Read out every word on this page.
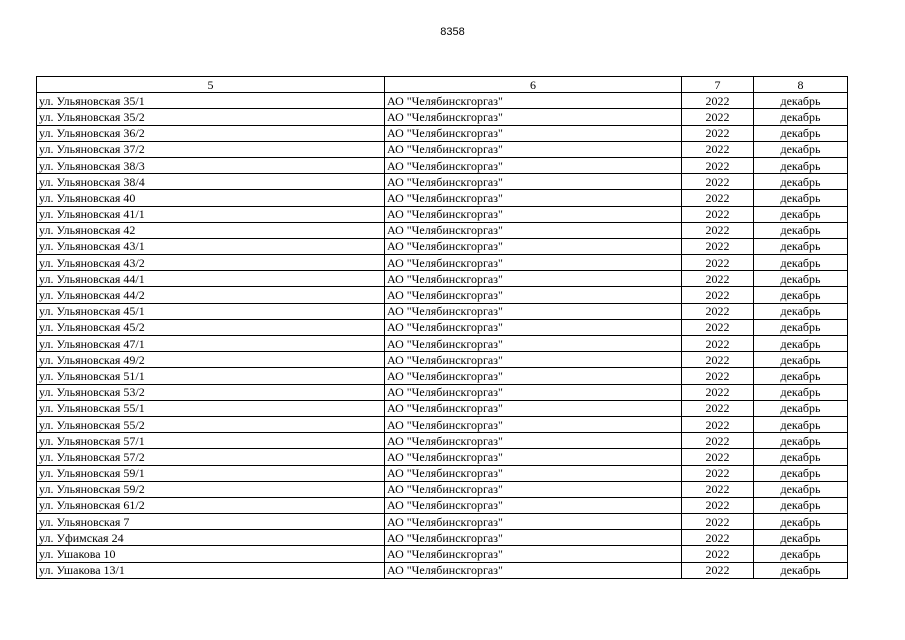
8358
5	6	7	8
ул. Ульяновская 35/1	АО "Челябинскгоргаз"	2022	декабрь
ул. Ульяновская 35/2	АО "Челябинскгоргаз"	2022	декабрь
ул. Ульяновская 36/2	АО "Челябинскгоргаз"	2022	декабрь
ул. Ульяновская 37/2	АО "Челябинскгоргаз"	2022	декабрь
ул. Ульяновская 38/3	АО "Челябинскгоргаз"	2022	декабрь
ул. Ульяновская 38/4	АО "Челябинскгоргаз"	2022	декабрь
ул. Ульяновская 40	АО "Челябинскгоргаз"	2022	декабрь
ул. Ульяновская 41/1	АО "Челябинскгоргаз"	2022	декабрь
ул. Ульяновская 42	АО "Челябинскгоргаз"	2022	декабрь
ул. Ульяновская 43/1	АО "Челябинскгоргаз"	2022	декабрь
ул. Ульяновская 43/2	АО "Челябинскгоргаз"	2022	декабрь
ул. Ульяновская 44/1	АО "Челябинскгоргаз"	2022	декабрь
ул. Ульяновская 44/2	АО "Челябинскгоргаз"	2022	декабрь
ул. Ульяновская 45/1	АО "Челябинскгоргаз"	2022	декабрь
ул. Ульяновская 45/2	АО "Челябинскгоргаз"	2022	декабрь
ул. Ульяновская 47/1	АО "Челябинскгоргаз"	2022	декабрь
ул. Ульяновская 49/2	АО "Челябинскгоргаз"	2022	декабрь
ул. Ульяновская 51/1	АО "Челябинскгоргаз"	2022	декабрь
ул. Ульяновская 53/2	АО "Челябинскгоргаз"	2022	декабрь
ул. Ульяновская 55/1	АО "Челябинскгоргаз"	2022	декабрь
ул. Ульяновская 55/2	АО "Челябинскгоргаз"	2022	декабрь
ул. Ульяновская 57/1	АО "Челябинскгоргаз"	2022	декабрь
ул. Ульяновская 57/2	АО "Челябинскгоргаз"	2022	декабрь
ул. Ульяновская 59/1	АО "Челябинскгоргаз"	2022	декабрь
ул. Ульяновская 59/2	АО "Челябинскгоргаз"	2022	декабрь
ул. Ульяновская 61/2	АО "Челябинскгоргаз"	2022	декабрь
ул. Ульяновская 7	АО "Челябинскгоргаз"	2022	декабрь
ул. Уфимская 24	АО "Челябинскгоргаз"	2022	декабрь
ул. Ушакова 10	АО "Челябинскгоргаз"	2022	декабрь
ул. Ушакова 13/1	АО "Челябинскгоргаз"	2022	декабрь
